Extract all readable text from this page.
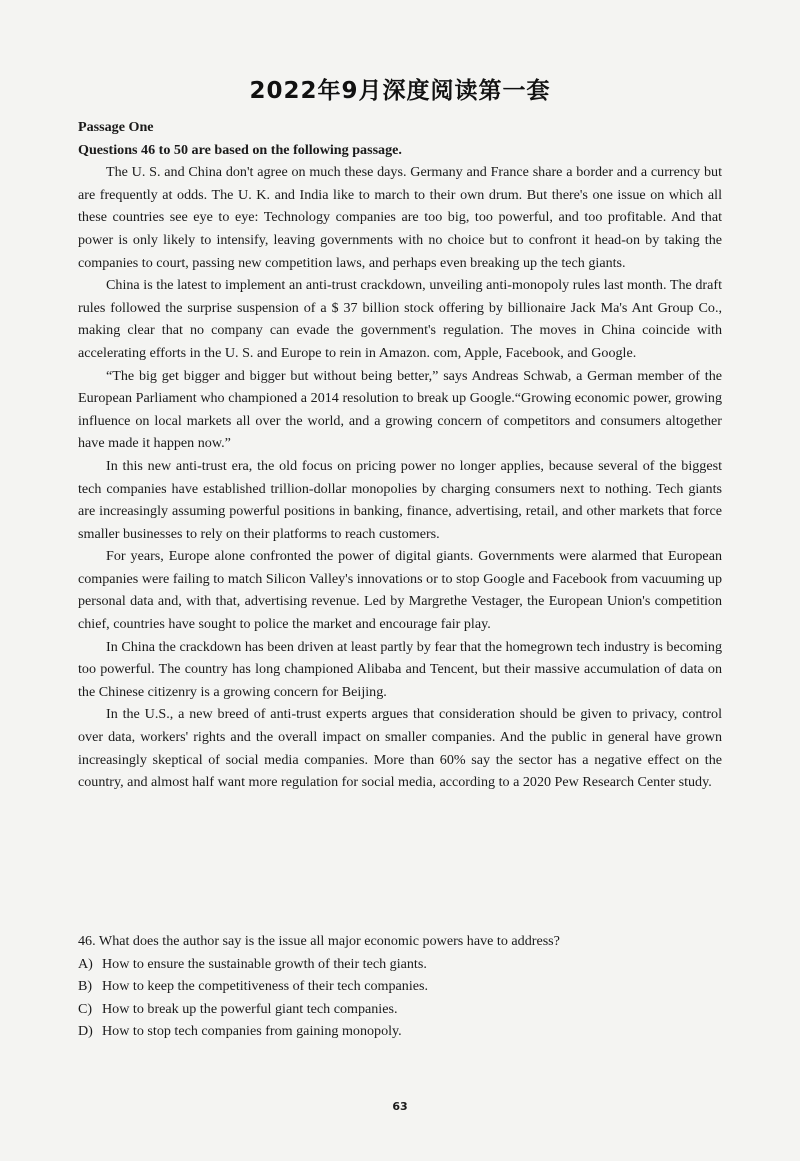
2022年9月深度阅读第一套

Passage One

Questions 46 to 50 are based on the following passage.

The U. S. and China don't agree on much these days. Germany and France share a border and a currency but are frequently at odds. The U. K. and India like to march to their own drum. But there's one issue on which all these countries see eye to eye: Technology companies are too big, too powerful, and too profitable. And that power is only likely to intensify, leaving governments with no choice but to confront it head-on by taking the companies to court, passing new competition laws, and perhaps even breaking up the tech giants.

China is the latest to implement an anti-trust crackdown, unveiling anti-monopoly rules last month. The draft rules followed the surprise suspension of a $ 37 billion stock offering by billionaire Jack Ma's Ant Group Co., making clear that no company can evade the government's regulation. The moves in China coincide with accelerating efforts in the U. S. and Europe to rein in Amazon. com, Apple, Facebook, and Google.

“The big get bigger and bigger but without being better,” says Andreas Schwab, a German member of the European Parliament who championed a 2014 resolution to break up Google.“Growing economic power, growing influence on local markets all over the world, and a growing concern of competitors and consumers altogether have made it happen now.”

In this new anti-trust era, the old focus on pricing power no longer applies, because several of the biggest tech companies have established trillion-dollar monopolies by charging consumers next to nothing. Tech giants are increasingly assuming powerful positions in banking, finance, advertising, retail, and other markets that force smaller businesses to rely on their platforms to reach customers.

For years, Europe alone confronted the power of digital giants. Governments were alarmed that European companies were failing to match Silicon Valley's innovations or to stop Google and Facebook from vacuuming up personal data and, with that, advertising revenue. Led by Margrethe Vestager, the European Union's competition chief, countries have sought to police the market and encourage fair play.

In China the crackdown has been driven at least partly by fear that the homegrown tech industry is becoming too powerful. The country has long championed Alibaba and Tencent, but their massive accumulation of data on the Chinese citizenry is a growing concern for Beijing.

In the U.S., a new breed of anti-trust experts argues that consideration should be given to privacy, control over data, workers' rights and the overall impact on smaller companies. And the public in general have grown increasingly skeptical of social media companies. More than 60% say the sector has a negative effect on the country, and almost half want more regulation for social media, according to a 2020 Pew Research Center study.

46. What does the author say is the issue all major economic powers have to address?

A) How to ensure the sustainable growth of their tech giants.

B) How to keep the competitiveness of their tech companies.

C) How to break up the powerful giant tech companies.

D) How to stop tech companies from gaining monopoly.

63
